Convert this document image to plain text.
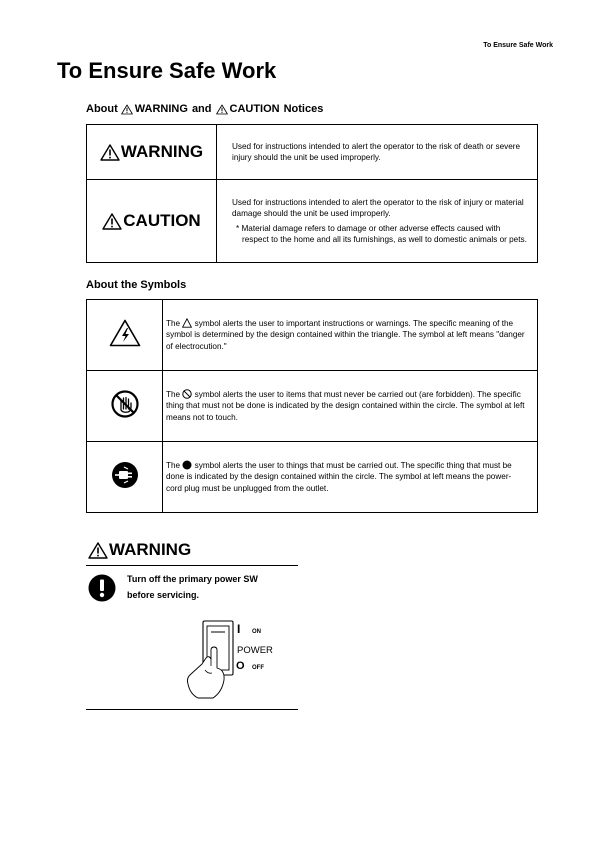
To Ensure Safe Work
To Ensure Safe Work
About WARNING and CAUTION Notices
WARNING	Used for instructions intended to alert the operator to the risk of death or severe injury should the unit be used improperly.

CAUTION	Used for instructions intended to alert the operator to the risk of injury or material damage should the unit be used improperly.

* Material damage refers to damage or other adverse effects caused with respect to the home and all its furnishings, as well to domestic animals or pets.

About the Symbols
	The symbol alerts the user to important instructions or warnings. The specific meaning of the symbol is determined by the design contained within the triangle. The symbol at left means "danger of electrocution."
	The symbol alerts the user to items that must never be carried out (are forbidden). The specific thing that must not be done is indicated by the design contained within the circle. The symbol at left means not to touch.
	The symbol alerts the user to things that must be carried out. The specific thing that must be done is indicated by the design contained within the circle. The symbol at left means the power-cord plug must be unplugged from the outlet.
WARNING
Turn off the primary power SW
before servicing.
I ON
POWER
O OFF
